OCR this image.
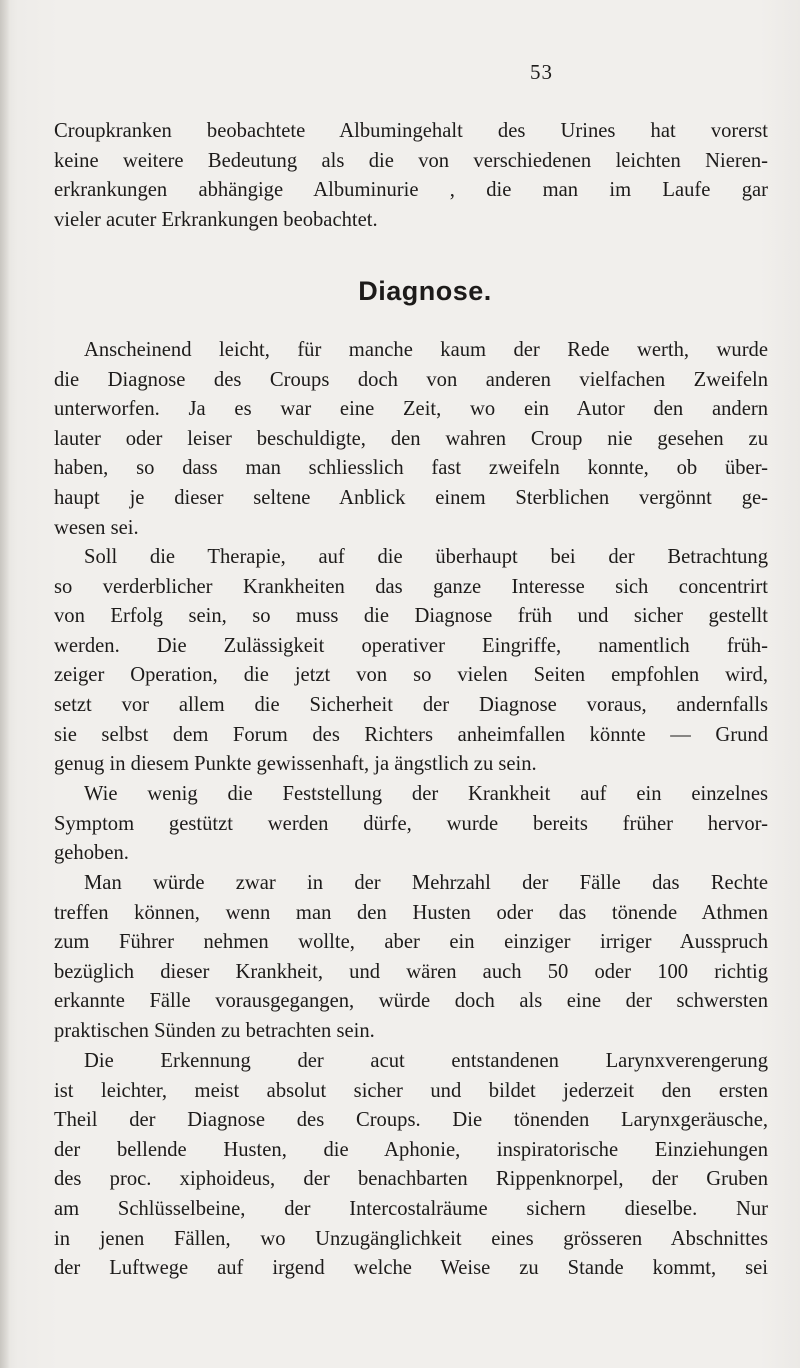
53
Croupkranken beobachtete Albumingehalt des Urines hat vorerst
keine weitere Bedeutung als die von verschiedenen leichten Nieren-
erkrankungen abhängige Albuminurie , die man im Laufe gar
vieler acuter Erkrankungen beobachtet.
Diagnose.
Anscheinend leicht, für manche kaum der Rede werth, wurde
die Diagnose des Croups doch von anderen vielfachen Zweifeln
unterworfen. Ja es war eine Zeit, wo ein Autor den andern
lauter oder leiser beschuldigte, den wahren Croup nie gesehen zu
haben, so dass man schliesslich fast zweifeln konnte, ob über-
haupt je dieser seltene Anblick einem Sterblichen vergönnt ge-
wesen sei.
Soll die Therapie, auf die überhaupt bei der Betrachtung
so verderblicher Krankheiten das ganze Interesse sich concentrirt
von Erfolg sein, so muss die Diagnose früh und sicher gestellt
werden. Die Zulässigkeit operativer Eingriffe, namentlich früh-
zeiger Operation, die jetzt von so vielen Seiten empfohlen wird,
setzt vor allem die Sicherheit der Diagnose voraus, andernfalls
sie selbst dem Forum des Richters anheimfallen könnte — Grund
genug in diesem Punkte gewissenhaft, ja ängstlich zu sein.
Wie wenig die Feststellung der Krankheit auf ein einzelnes
Symptom gestützt werden dürfe, wurde bereits früher hervor-
gehoben.
Man würde zwar in der Mehrzahl der Fälle das Rechte
treffen können, wenn man den Husten oder das tönende Athmen
zum Führer nehmen wollte, aber ein einziger irriger Ausspruch
bezüglich dieser Krankheit, und wären auch 50 oder 100 richtig
erkannte Fälle vorausgegangen, würde doch als eine der schwersten
praktischen Sünden zu betrachten sein.
Die Erkennung der acut entstandenen Larynxverengerung
ist leichter, meist absolut sicher und bildet jederzeit den ersten
Theil der Diagnose des Croups. Die tönenden Larynxgeräusche,
der bellende Husten, die Aphonie, inspiratorische Einziehungen
des proc. xiphoideus, der benachbarten Rippenknorpel, der Gruben
am Schlüsselbeine, der Intercostalräume sichern dieselbe. Nur
in jenen Fällen, wo Unzugänglichkeit eines grösseren Abschnittes
der Luftwege auf irgend welche Weise zu Stande kommt, sei
